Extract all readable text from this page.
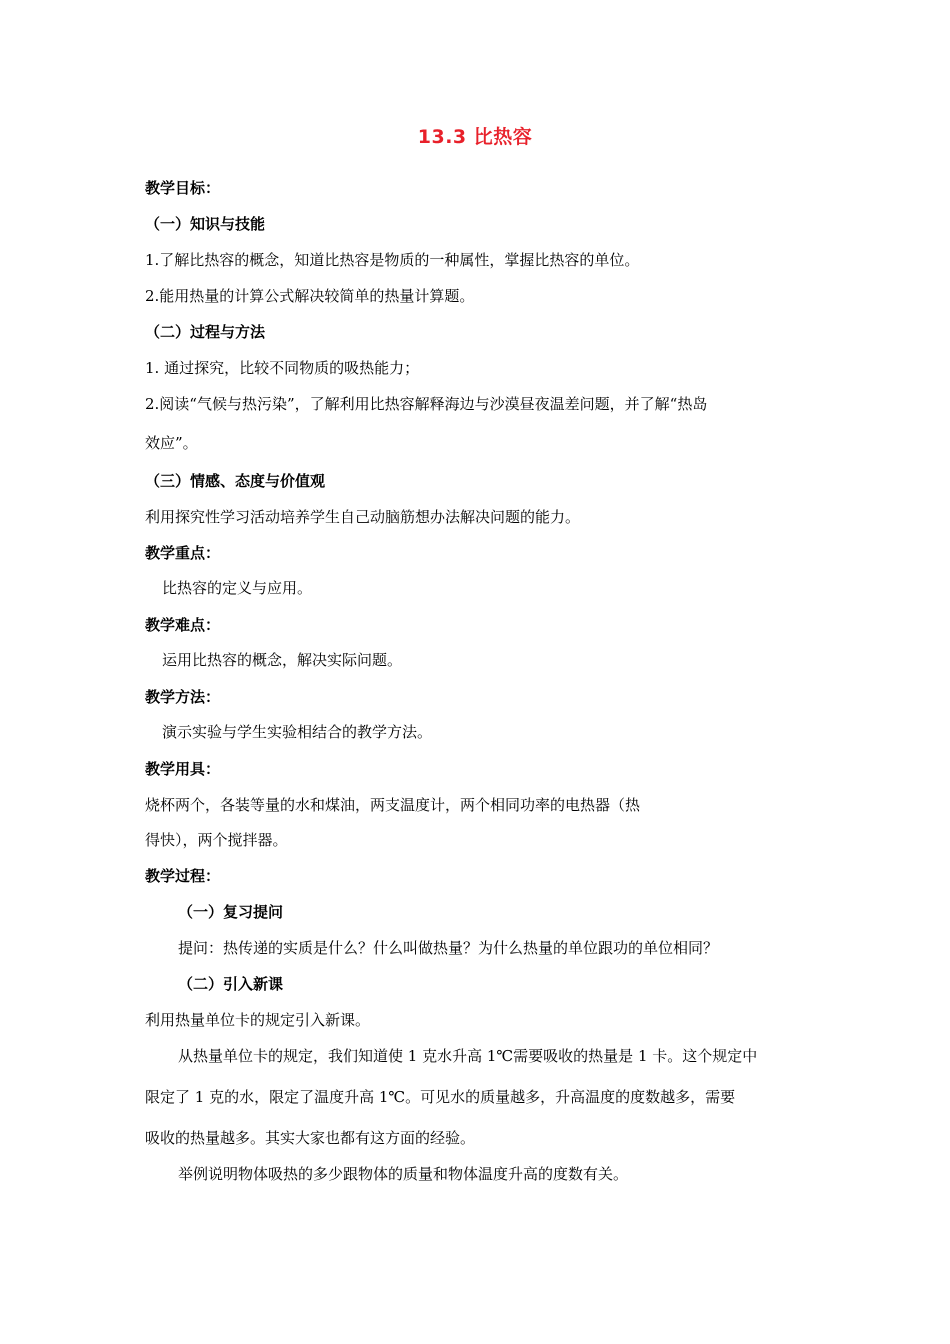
13.3 比热容
教学目标：
（一）知识与技能
1.了解比热容的概念，知道比热容是物质的一种属性，掌握比热容的单位。
2.能用热量的计算公式解决较简单的热量计算题。
（二）过程与方法
1. 通过探究，比较不同物质的吸热能力；
2.阅读“气候与热污染”，了解利用比热容解释海边与沙漠昼夜温差问题，并了解“热岛
效应”。
（三）情感、态度与价值观
利用探究性学习活动培养学生自己动脑筋想办法解决问题的能力。
教学重点：
比热容的定义与应用。
教学难点：
运用比热容的概念，解决实际问题。
教学方法：
演示实验与学生实验相结合的教学方法。
教学用具：
烧杯两个，各装等量的水和煤油，两支温度计，两个相同功率的电热器（热
得快），两个搅拌器。
教学过程：
（一）复习提问
提问：热传递的实质是什么？什么叫做热量？为什么热量的单位跟功的单位相同？
（二）引入新课
利用热量单位卡的规定引入新课。
从热量单位卡的规定，我们知道使 1 克水升高 1℃需要吸收的热量是 1 卡。这个规定中
限定了 1 克的水，限定了温度升高 1℃。可见水的质量越多，升高温度的度数越多，需要
吸收的热量越多。其实大家也都有这方面的经验。
举例说明物体吸热的多少跟物体的质量和物体温度升高的度数有关。
